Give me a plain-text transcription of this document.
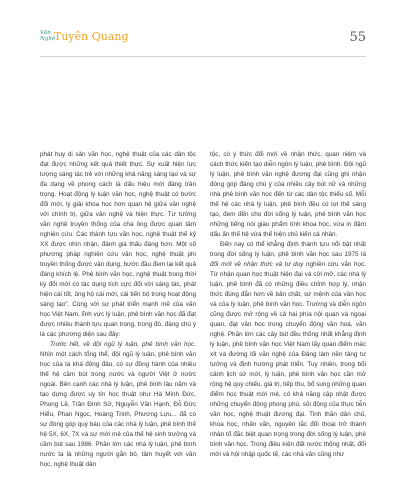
Văn
Nghệ
Tuyên Quang	55

phát huy di sản văn học, nghệ thuật của các dân tộc đạt được những kết quả thiết thực. Sự xuất hiện lực lượng sáng tác trẻ với những khả năng sáng tạo và sự đa dạng về phong cách là dấu hiệu mới đáng trân trọng. Hoạt động lý luận văn học, nghệ thuật có bước đổi mới, lý giải khoa học hơn quan hệ giữa văn nghệ với chính trị, giữa văn nghệ và hiện thực. Tư tưởng văn nghệ truyền thống của cha ông được quan tâm nghiên cứu. Các thành tựu văn học, nghệ thuật thế kỷ XX được nhìn nhận, đánh giá thấu đáng hơn. Một số phương pháp nghiên cứu văn học, nghệ thuật phi truyền thống được vận dụng, bước đầu đem lại kết quả đáng khích lệ. Phê bình văn học, nghệ thuật trong thời kỳ đổi mới có tác dụng tích cực đối với sáng tác, phát hiện cái tốt, ủng hộ cái mới, cái tiến bộ trong hoạt động sáng tạo". Cùng với sự phát triển mạnh mẽ của văn học Việt Nam, lĩnh vực lý luận, phê bình văn học đã đạt được nhiều thành tựu quan trọng, trong đó, đáng chú ý là các phương diện sau đây:

Trước hết, về đội ngũ lý luận, phê bình văn học. Nhìn một cách tổng thể, đội ngũ lý luận, phê bình văn học của ta khá đông đảo, có sự đồng hành của nhiều thế hệ cầm bút trong nước và người Việt ở nước ngoài. Bên cạnh các nhà lý luận, phê bình lâu năm và tạo dựng được uy tín học thuật như Hà Minh Đức, Phong Lê, Trần Đình Sử, Nguyễn Văn Hạnh, Đỗ Đức Hiểu, Phan Ngọc, Hoàng Trinh, Phương Lựu... đã có sự đóng góp quý báu của các nhà lý luận, phê bình thế hệ 5X, 6X, 7X và sự mới mẻ của thế hệ sinh trưởng và cầm bút sau 1986. Phần lớn các nhà lý luận, phê bình nước ta là những người gắn bó, tâm huyết với văn học, nghệ thuật dân

tộc, có ý thức đổi mới về nhận thức, quan niệm và cách thức kiến tạo diễn ngôn lý luận, phê bình. Đội ngũ lý luận, phê bình văn nghệ đương đại cũng ghi nhận đóng góp đáng chú ý của nhiều cây bút nữ và những nhà phê bình văn học đến từ các dân tộc thiểu số. Mỗi thế hệ các nhà lý luận, phê bình đều có lợi thế sáng tạo, đem đến cho đời sống lý luận, phê bình văn học những tiếng nói giàu phẩm tính khoa học, vừa in đậm dấu ấn thế hệ vừa thể hiện chủ kiến cá nhân.

Đến nay có thể khẳng định thành tựu nổi bật nhất trong đời sống lý luận, phê bình văn học sau 1975 là đổi mới về nhận thức và tư duy nghiên cứu văn học. Từ nhận quan học thuật hiện đại và cởi mở, các nhà lý luận, phê bình đã có những điều chỉnh hợp lý, nhận thức đúng đắn hơn về bản chất, sứ mệnh của văn học và của lý luận, phê bình văn học. Trường và diễn ngôn cũng được mở rộng về cả hai phía nội quan và ngoại quan, đạt văn học trong chuyển động văn hoá, văn nghệ. Phần lớn các cây bút đều thống nhất khẳng định lý luận, phê bình văn học Việt Nam lấy quan điểm mác xít và đường lối văn nghệ của Đảng làm nền tảng tư tưởng và định hướng phát triển. Tuy nhiên, trong bối cảnh lịch sử mới, lý luận, phê bình văn học cần mở rộng hệ quy chiếu, giá trị, tiếp thu, bổ sung những quan điểm học thuật mới mẻ, có khả năng cập nhật được những chuyển động phong phú, sôi động của thực tiễn văn học, nghệ thuật đương đại. Tinh thần dân chủ, khoa học, nhân văn, nguyên tắc đối thoại trở thành nhân tố đặc biệt quan trọng trong đời sống lý luận, phê bình văn học. Trong điều kiện đất nước thống nhất, đổi mới và hội nhập quốc tế, các nhà văn cũng như
